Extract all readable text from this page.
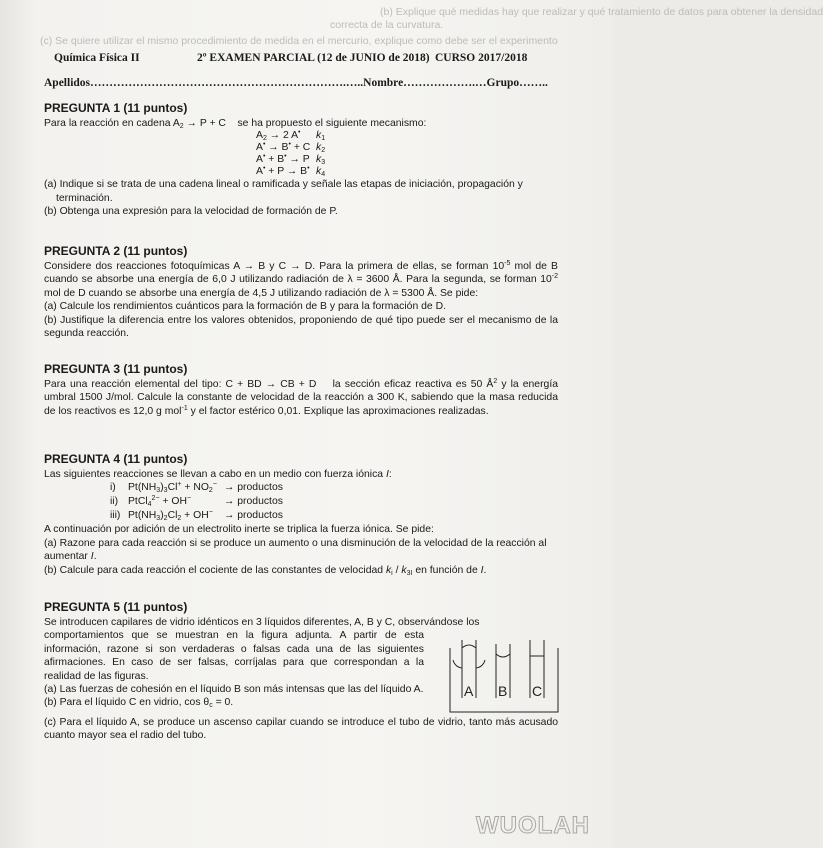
(b) Explique qué medidas hay que realizar y qué tratamiento de datos para obtener la densidad
correcta de la curvatura.
(c) Se quiere utilizar el mismo procedimiento de medida en el mercurio, explique como debe ser el experimento
Química Física II	2º EXAMEN PARCIAL (12 de JUNIO de 2018) CURSO 2017/2018
Apellidos………………………………………………………….…..Nombre……………….…Grupo……..
PREGUNTA 1 (11 puntos)

Para la reacción en cadena $A_2 \to P + C$    se ha propuesto el siguiente mecanismo:

$A_2 \to 2$ A• $k_1$
A• → B• + C $k_2$
A• + B• → P $k_3$
A• + P → B• $k_4$

(a) Indique si se trata de una cadena lineal o ramificada y señale las etapas de iniciación, propagación y

terminación.

(b) Obtenga una expresión para la velocidad de formación de P.

PREGUNTA 2 (11 puntos)

Considere dos reacciones fotoquímicas A → B y C → D. Para la primera de ellas, se forman $10^{-5}$ mol de B cuando se absorbe una energía de 6,0 J utilizando radiación de λ = 3600 Å. Para la segunda, se forman $10^{-2}$ mol de D cuando se absorbe una energía de 4,5 J utilizando radiación de λ = 5300 Å. Se pide:

(a) Calcule los rendimientos cuánticos para la formación de B y para la formación de D.

(b) Justifique la diferencia entre los valores obtenidos, proponiendo de qué tipo puede ser el mecanismo de la segunda reacción.

PREGUNTA 3 (11 puntos)

Para una reacción elemental del tipo: C + BD → CB + D    la sección eficaz reactiva es 50 $Å^2$ y la energía umbral 1500 J/mol. Calcule la constante de velocidad de la reacción a 300 K, sabiendo que la masa reducida de los reactivos es 12,0 g mol$^{-1}$ y el factor estérico 0,01. Explique las aproximaciones realizadas.

PREGUNTA 4 (11 puntos)

Las siguientes reacciones se llevan a cabo en un medio con fuerza iónica I:

i) $Pt(NH_3)_3Cl^+ + NO_2^-$ → productos
ii) PtCl$_4^{2-}$ + OH−	→ productos
iii) $Pt(NH_3)_2Cl_2 + OH^-$ → productos

A continuación por adición de un electrolito inerte se triplica la fuerza iónica. Se pide:

(a) Razone para cada reacción si se produce un aumento o una disminución de la velocidad de la reacción al aumentar I.

(b) Calcule para cada reacción el cociente de las constantes de velocidad $k_i / k_{3I}$ en función de I.

PREGUNTA 5 (11 puntos)

Se introducen capilares de vidrio idénticos en 3 líquidos diferentes, A, B y C, observándose los

comportamientos que se muestran en la figura adjunta. A partir de esta información, razone si son verdaderas o falsas cada una de las siguientes afirmaciones. En caso de ser falsas, corríjalas para que correspondan a la realidad de las figuras.

(a) Las fuerzas de cohesión en el líquido B son más intensas que las del líquido A.

(b) Para el líquido C en vidrio, $\cos \theta_c = 0$.

(c) Para el líquido A, se produce un ascenso capilar cuando se introduce el tubo de vidrio, tanto más acusado cuanto mayor sea el radio del tubo.

A B C
WUOLAH
